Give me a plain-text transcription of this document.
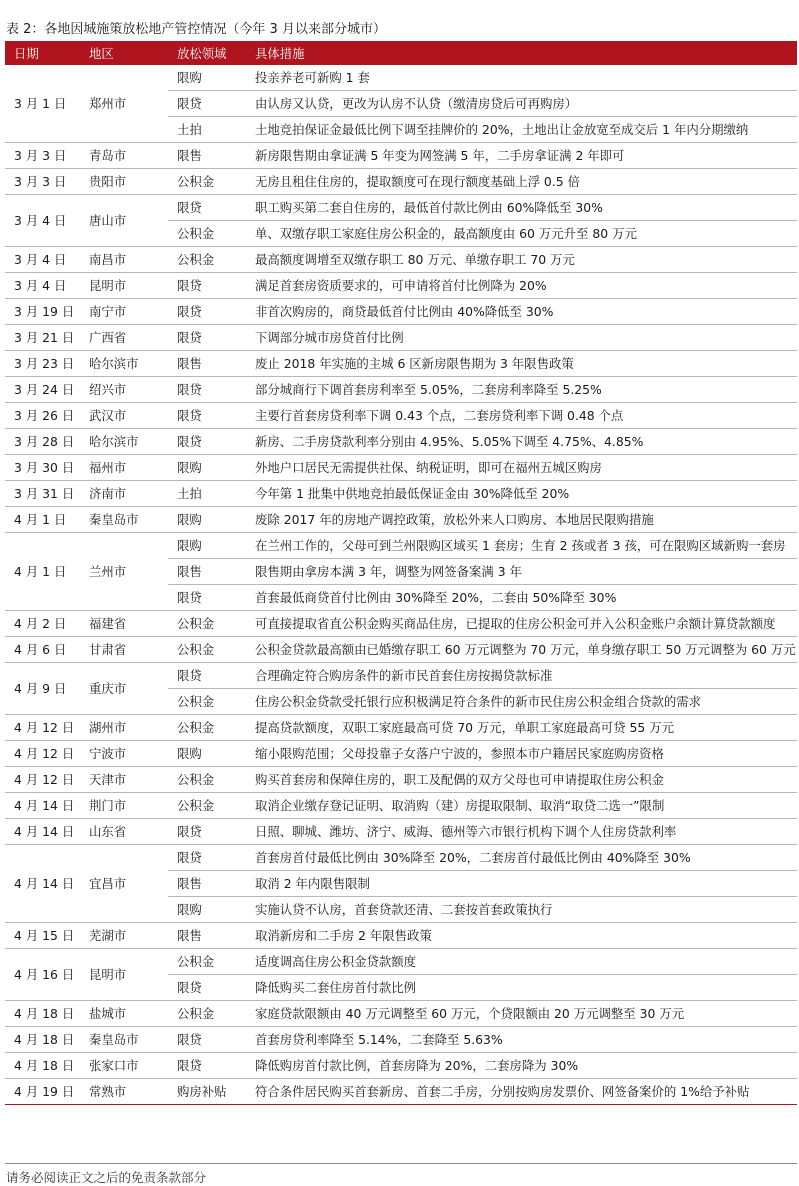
表 2：各地因城施策放松地产管控情况（今年 3 月以来部分城市）
日期	地区	放松领域	具体措施
3 月 1 日	郑州市	限购	投亲养老可新购 1 套
		限贷	由认房又认贷，更改为认房不认贷（缴清房贷后可再购房）
		土拍	土地竞拍保证金最低比例下调至挂牌价的 20%，土地出让金放宽至成交后 1 年内分期缴纳
3 月 3 日	青岛市	限售	新房限售期由拿证满 5 年变为网签满 5 年，二手房拿证满 2 年即可
3 月 3 日	贵阳市	公积金	无房且租住住房的，提取额度可在现行额度基础上浮 0.5 倍
3 月 4 日	唐山市	限贷	职工购买第二套自住房的，最低首付款比例由 60%降低至 30%
		公积金	单、双缴存职工家庭住房公积金的，最高额度由 60 万元升至 80 万元
3 月 4 日	南昌市	公积金	最高额度调增至双缴存职工 80 万元、单缴存职工 70 万元
3 月 4 日	昆明市	限贷	满足首套房资质要求的，可申请将首付比例降为 20%
3 月 19 日	南宁市	限贷	非首次购房的，商贷最低首付比例由 40%降低至 30%
3 月 21 日	广西省	限贷	下调部分城市房贷首付比例
3 月 23 日	哈尔滨市	限售	废止 2018 年实施的主城 6 区新房限售期为 3 年限售政策
3 月 24 日	绍兴市	限贷	部分城商行下调首套房利率至 5.05%，二套房利率降至 5.25%
3 月 26 日	武汉市	限贷	主要行首套房贷利率下调 0.43 个点，二套房贷利率下调 0.48 个点
3 月 28 日	哈尔滨市	限贷	新房、二手房贷款利率分别由 4.95%、5.05%下调至 4.75%、4.85%
3 月 30 日	福州市	限购	外地户口居民无需提供社保、纳税证明，即可在福州五城区购房
3 月 31 日	济南市	土拍	今年第 1 批集中供地竞拍最低保证金由 30%降低至 20%
4 月 1 日	秦皇岛市	限购	废除 2017 年的房地产调控政策，放松外来人口购房、本地居民限购措施
4 月 1 日	兰州市	限购	在兰州工作的，父母可到兰州限购区域买 1 套房；生育 2 孩或者 3 孩，可在限购区域新购一套房
		限售	限售期由拿房本满 3 年，调整为网签备案满 3 年
		限贷	首套最低商贷首付比例由 30%降至 20%，二套由 50%降至 30%
4 月 2 日	福建省	公积金	可直接提取省直公积金购买商品住房，已提取的住房公积金可并入公积金账户余额计算贷款额度
4 月 6 日	甘肃省	公积金	公积金贷款最高额由已婚缴存职工 60 万元调整为 70 万元，单身缴存职工 50 万元调整为 60 万元
4 月 9 日	重庆市	限贷	合理确定符合购房条件的新市民首套住房按揭贷款标准
		公积金	住房公积金贷款受托银行应积极满足符合条件的新市民住房公积金组合贷款的需求
4 月 12 日	湖州市	公积金	提高贷款额度，双职工家庭最高可贷 70 万元，单职工家庭最高可贷 55 万元
4 月 12 日	宁波市	限购	缩小限购范围；父母投靠子女落户宁波的，参照本市户籍居民家庭购房资格
4 月 12 日	天津市	公积金	购买首套房和保障住房的，职工及配偶的双方父母也可申请提取住房公积金
4 月 14 日	荆门市	公积金	取消企业缴存登记证明、取消购（建）房提取限制、取消“取贷二选一”限制
4 月 14 日	山东省	限贷	日照、聊城、潍坊、济宁、威海、德州等六市银行机构下调个人住房贷款利率
4 月 14 日	宜昌市	限贷	首套房首付最低比例由 30%降至 20%，二套房首付最低比例由 40%降至 30%
		限售	取消 2 年内限售限制
		限购	实施认贷不认房，首套贷款还清、二套按首套政策执行
4 月 15 日	芜湖市	限售	取消新房和二手房 2 年限售政策
4 月 16 日	昆明市	公积金	适度调高住房公积金贷款额度
		限贷	降低购买二套住房首付款比例
4 月 18 日	盐城市	公积金	家庭贷款限额由 40 万元调整至 60 万元，个贷限额由 20 万元调整至 30 万元
4 月 18 日	秦皇岛市	限贷	首套房贷利率降至 5.14%，二套降至 5.63%
4 月 18 日	张家口市	限贷	降低购房首付款比例，首套房降为 20%，二套房降为 30%
4 月 19 日	常熟市	购房补贴	符合条件居民购买首套新房、首套二手房，分别按购房发票价、网签备案价的 1%给予补贴
请务必阅读正文之后的免责条款部分
